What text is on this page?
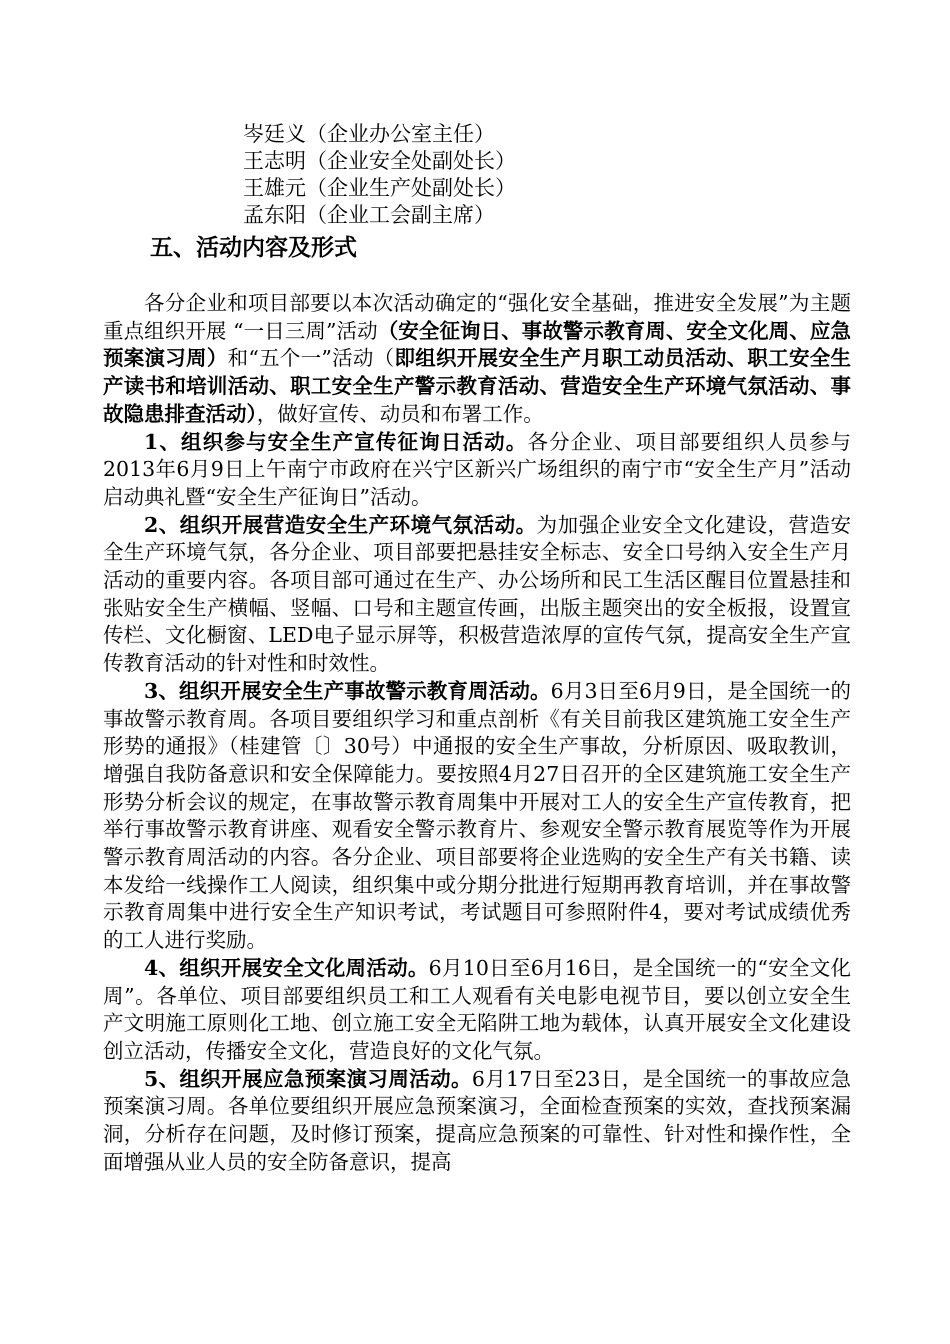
岑廷义（企业办公室主任）
王志明（企业安全处副处长）
王雄元（企业生产处副处长）
孟东阳（企业工会副主席）
五、活动内容及形式

各分企业和项目部要以本次活动确定的“强化安全基础，推进安全发展”为主题重点组织开展 “一日三周”活动（安全征询日、事故警示教育周、安全文化周、应急预案演习周）和“五个一”活动（即组织开展安全生产月职工动员活动、职工安全生产读书和培训活动、职工安全生产警示教育活动、营造安全生产环境气氛活动、事故隐患排查活动），做好宣传、动员和布署工作。

1、组织参与安全生产宣传征询日活动。各分企业、项目部要组织人员参与2013年6月9日上午南宁市政府在兴宁区新兴广场组织的南宁市“安全生产月”活动启动典礼暨“安全生产征询日”活动。

2、组织开展营造安全生产环境气氛活动。为加强企业安全文化建设，营造安全生产环境气氛，各分企业、项目部要把悬挂安全标志、安全口号纳入安全生产月活动的重要内容。各项目部可通过在生产、办公场所和民工生活区醒目位置悬挂和张贴安全生产横幅、竖幅、口号和主题宣传画，出版主题突出的安全板报，设置宣传栏、文化橱窗、LED电子显示屏等，积极营造浓厚的宣传气氛，提高安全生产宣传教育活动的针对性和时效性。

3、组织开展安全生产事故警示教育周活动。6月3日至6月9日，是全国统一的事故警示教育周。各项目要组织学习和重点剖析《有关目前我区建筑施工安全生产形势的通报》（桂建管〔〕30号）中通报的安全生产事故，分析原因、吸取教训，增强自我防备意识和安全保障能力。要按照4月27日召开的全区建筑施工安全生产形势分析会议的规定，在事故警示教育周集中开展对工人的安全生产宣传教育，把举行事故警示教育讲座、观看安全警示教育片、参观安全警示教育展览等作为开展警示教育周活动的内容。各分企业、项目部要将企业选购的安全生产有关书籍、读本发给一线操作工人阅读，组织集中或分期分批进行短期再教育培训，并在事故警示教育周集中进行安全生产知识考试，考试题目可参照附件4，要对考试成绩优秀的工人进行奖励。

4、组织开展安全文化周活动。6月10日至6月16日，是全国统一的“安全文化周”。各单位、项目部要组织员工和工人观看有关电影电视节目，要以创立安全生产文明施工原则化工地、创立施工安全无陷阱工地为载体，认真开展安全文化建设创立活动，传播安全文化，营造良好的文化气氛。

5、组织开展应急预案演习周活动。6月17日至23日，是全国统一的事故应急预案演习周。各单位要组织开展应急预案演习，全面检查预案的实效，查找预案漏洞，分析存在问题，及时修订预案，提高应急预案的可靠性、针对性和操作性，全面增强从业人员的安全防备意识，提高
